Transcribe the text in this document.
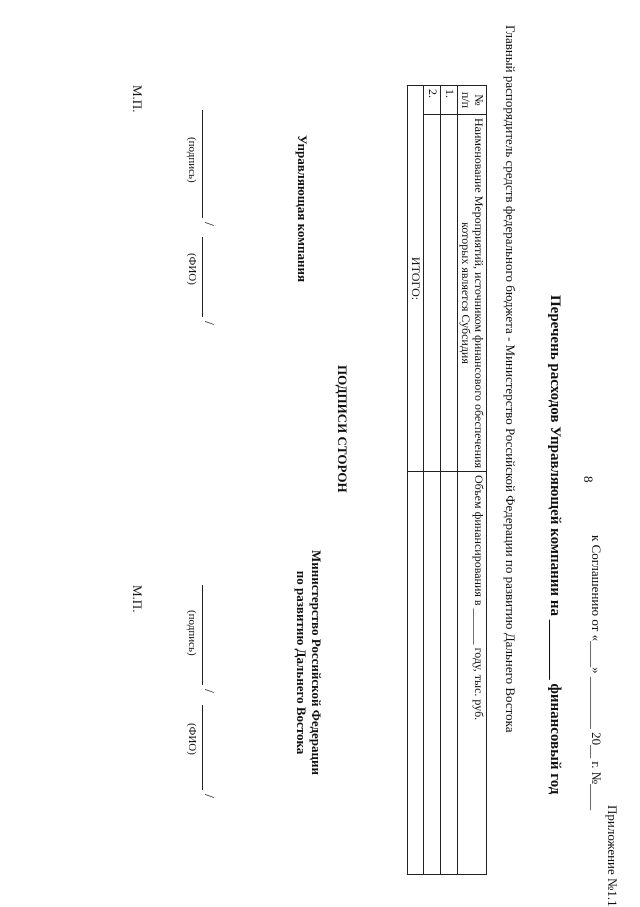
8
Приложение №1.1
к Соглашению от «____» ________ 20__ г. №____
Перечень расходов Управляющей компании на ________ финансовый год
Главный распорядитель средств федерального бюджета - Министерство Российской Федерации по развитию Дальнего Востока
№ п/п	Наименование Мероприятий, источником финансового обеспечения которых является Субсидия	Объем финансирования в ______ году, тыс. руб.
1.		
2.		
ИТОГО:		
ПОДПИСИ СТОРОН
Управляющая компания
Министерство Российской Федерации
по развитию Дальнего Востока
/
/
(подпись)
(ФИО)
М.П.
/
/
(подпись)
(ФИО)
М.П.
